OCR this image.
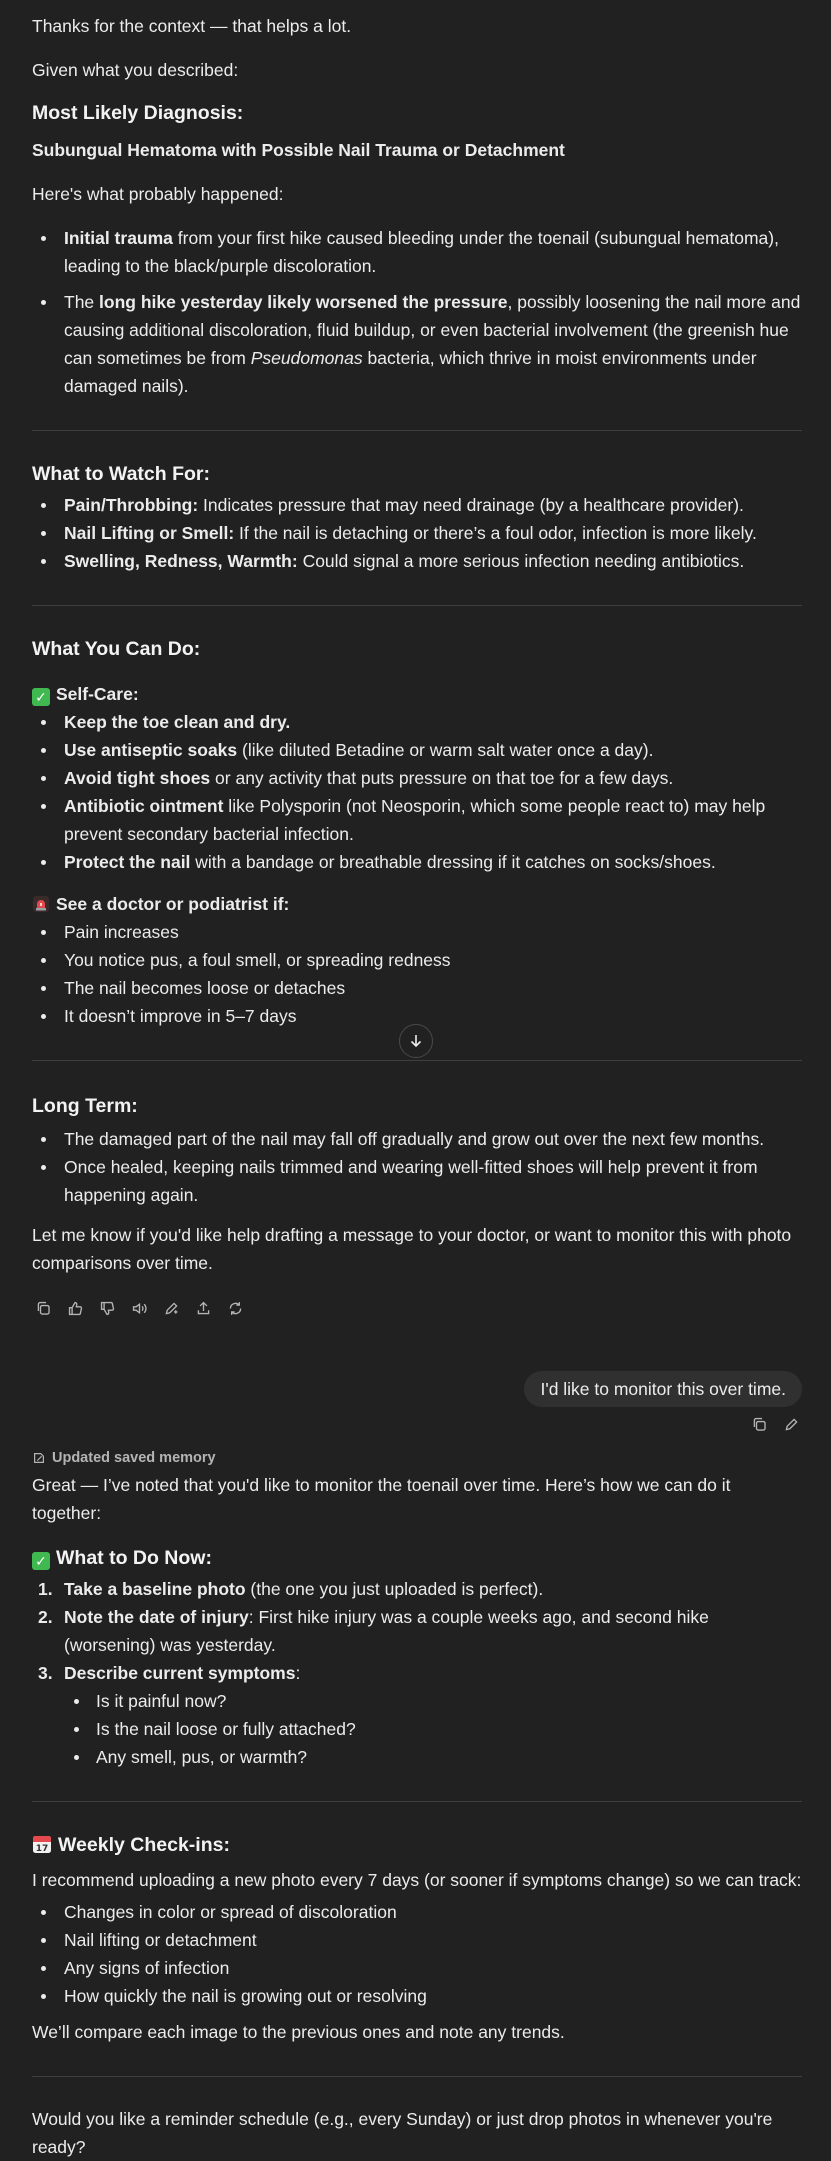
Thanks for the context — that helps a lot.

Given what you described:

Most Likely Diagnosis:

Subungual Hematoma with Possible Nail Trauma or Detachment

Here's what probably happened:

Initial trauma from your first hike caused bleeding under the toenail (subungual hematoma), leading to the black/purple discoloration.
The long hike yesterday likely worsened the pressure, possibly loosening the nail more and causing additional discoloration, fluid buildup, or even bacterial involvement (the greenish hue can sometimes be from Pseudomonas bacteria, which thrive in moist environments under damaged nails).
What to Watch For:
Pain/Throbbing: Indicates pressure that may need drainage (by a healthcare provider).
Nail Lifting or Smell: If the nail is detaching or there’s a foul odor, infection is more likely.
Swelling, Redness, Warmth: Could signal a more serious infection needing antibiotics.
What You Can Do:
✓ Self-Care:
Keep the toe clean and dry.
Use antiseptic soaks (like diluted Betadine or warm salt water once a day).
Avoid tight shoes or any activity that puts pressure on that toe for a few days.
Antibiotic ointment like Polysporin (not Neosporin, which some people react to) may help prevent secondary bacterial infection.
Protect the nail with a bandage or breathable dressing if it catches on socks/shoes.
See a doctor or podiatrist if:
Pain increases
You notice pus, a foul smell, or spreading redness
The nail becomes loose or detaches
It doesn’t improve in 5–7 days
Long Term:
The damaged part of the nail may fall off gradually and grow out over the next few months.
Once healed, keeping nails trimmed and wearing well-fitted shoes will help prevent it from happening again.

Let me know if you'd like help drafting a message to your doctor, or want to monitor this with photo comparisons over time.

I'd like to monitor this over time.
Updated saved memory

Great — I’ve noted that you'd like to monitor the toenail over time. Here’s how we can do it together:

✓ What to Do Now:
1. Take a baseline photo (the one you just uploaded is perfect).
2. Note the date of injury: First hike injury was a couple weeks ago, and second hike (worsening) was yesterday.
3. Describe current symptoms:
Is it painful now?
Is the nail loose or fully attached?
Any smell, pus, or warmth?
17 Weekly Check-ins:

I recommend uploading a new photo every 7 days (or sooner if symptoms change) so we can track:

Changes in color or spread of discoloration
Nail lifting or detachment
Any signs of infection
How quickly the nail is growing out or resolving

We’ll compare each image to the previous ones and note any trends.

Would you like a reminder schedule (e.g., every Sunday) or just drop photos in whenever you're ready?
